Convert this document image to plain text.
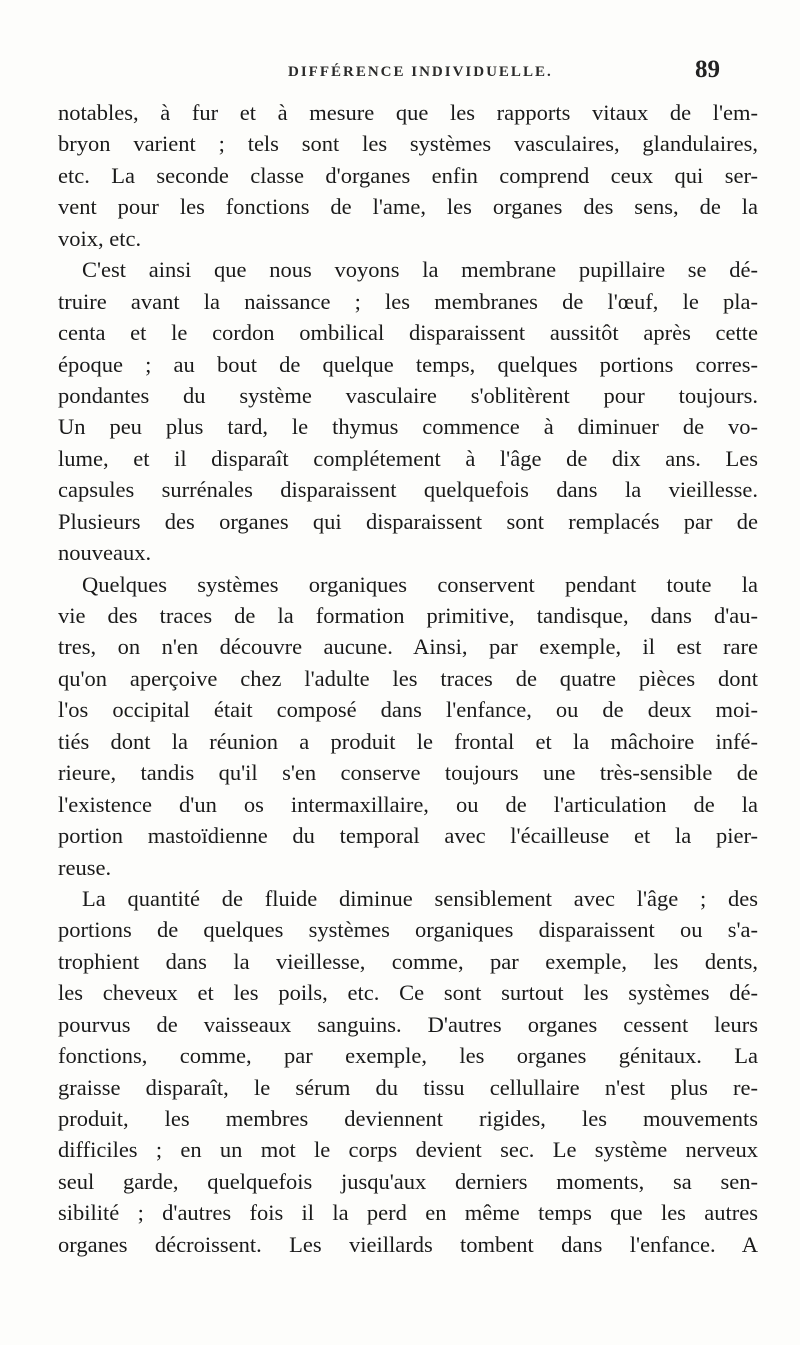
DIFFÉRENCE INDIVIDUELLE.	89
notables, à fur et à mesure que les rapports vitaux de l'em-
bryon varient ; tels sont les systèmes vasculaires, glandulaires,
etc. La seconde classe d'organes enfin comprend ceux qui ser-
vent pour les fonctions de l'ame, les organes des sens, de la
voix, etc.
C'est ainsi que nous voyons la membrane pupillaire se dé-
truire avant la naissance ; les membranes de l'œuf, le pla-
centa et le cordon ombilical disparaissent aussitôt après cette
époque ; au bout de quelque temps, quelques portions corres-
pondantes du système vasculaire s'oblitèrent pour toujours.
Un peu plus tard, le thymus commence à diminuer de vo-
lume, et il disparaît complétement à l'âge de dix ans. Les
capsules surrénales disparaissent quelquefois dans la vieillesse.
Plusieurs des organes qui disparaissent sont remplacés par de
nouveaux.
Quelques systèmes organiques conservent pendant toute la
vie des traces de la formation primitive, tandisque, dans d'au-
tres, on n'en découvre aucune. Ainsi, par exemple, il est rare
qu'on aperçoive chez l'adulte les traces de quatre pièces dont
l'os occipital était composé dans l'enfance, ou de deux moi-
tiés dont la réunion a produit le frontal et la mâchoire infé-
rieure, tandis qu'il s'en conserve toujours une très-sensible de
l'existence d'un os intermaxillaire, ou de l'articulation de la
portion mastoïdienne du temporal avec l'écailleuse et la pier-
reuse.
La quantité de fluide diminue sensiblement avec l'âge ; des
portions de quelques systèmes organiques disparaissent ou s'a-
trophient dans la vieillesse, comme, par exemple, les dents,
les cheveux et les poils, etc. Ce sont surtout les systèmes dé-
pourvus de vaisseaux sanguins. D'autres organes cessent leurs
fonctions, comme, par exemple, les organes génitaux. La
graisse disparaît, le sérum du tissu cellullaire n'est plus re-
produit, les membres deviennent rigides, les mouvements
difficiles ; en un mot le corps devient sec. Le système nerveux
seul garde, quelquefois jusqu'aux derniers moments, sa sen-
sibilité ; d'autres fois il la perd en même temps que les autres
organes décroissent. Les vieillards tombent dans l'enfance. A
